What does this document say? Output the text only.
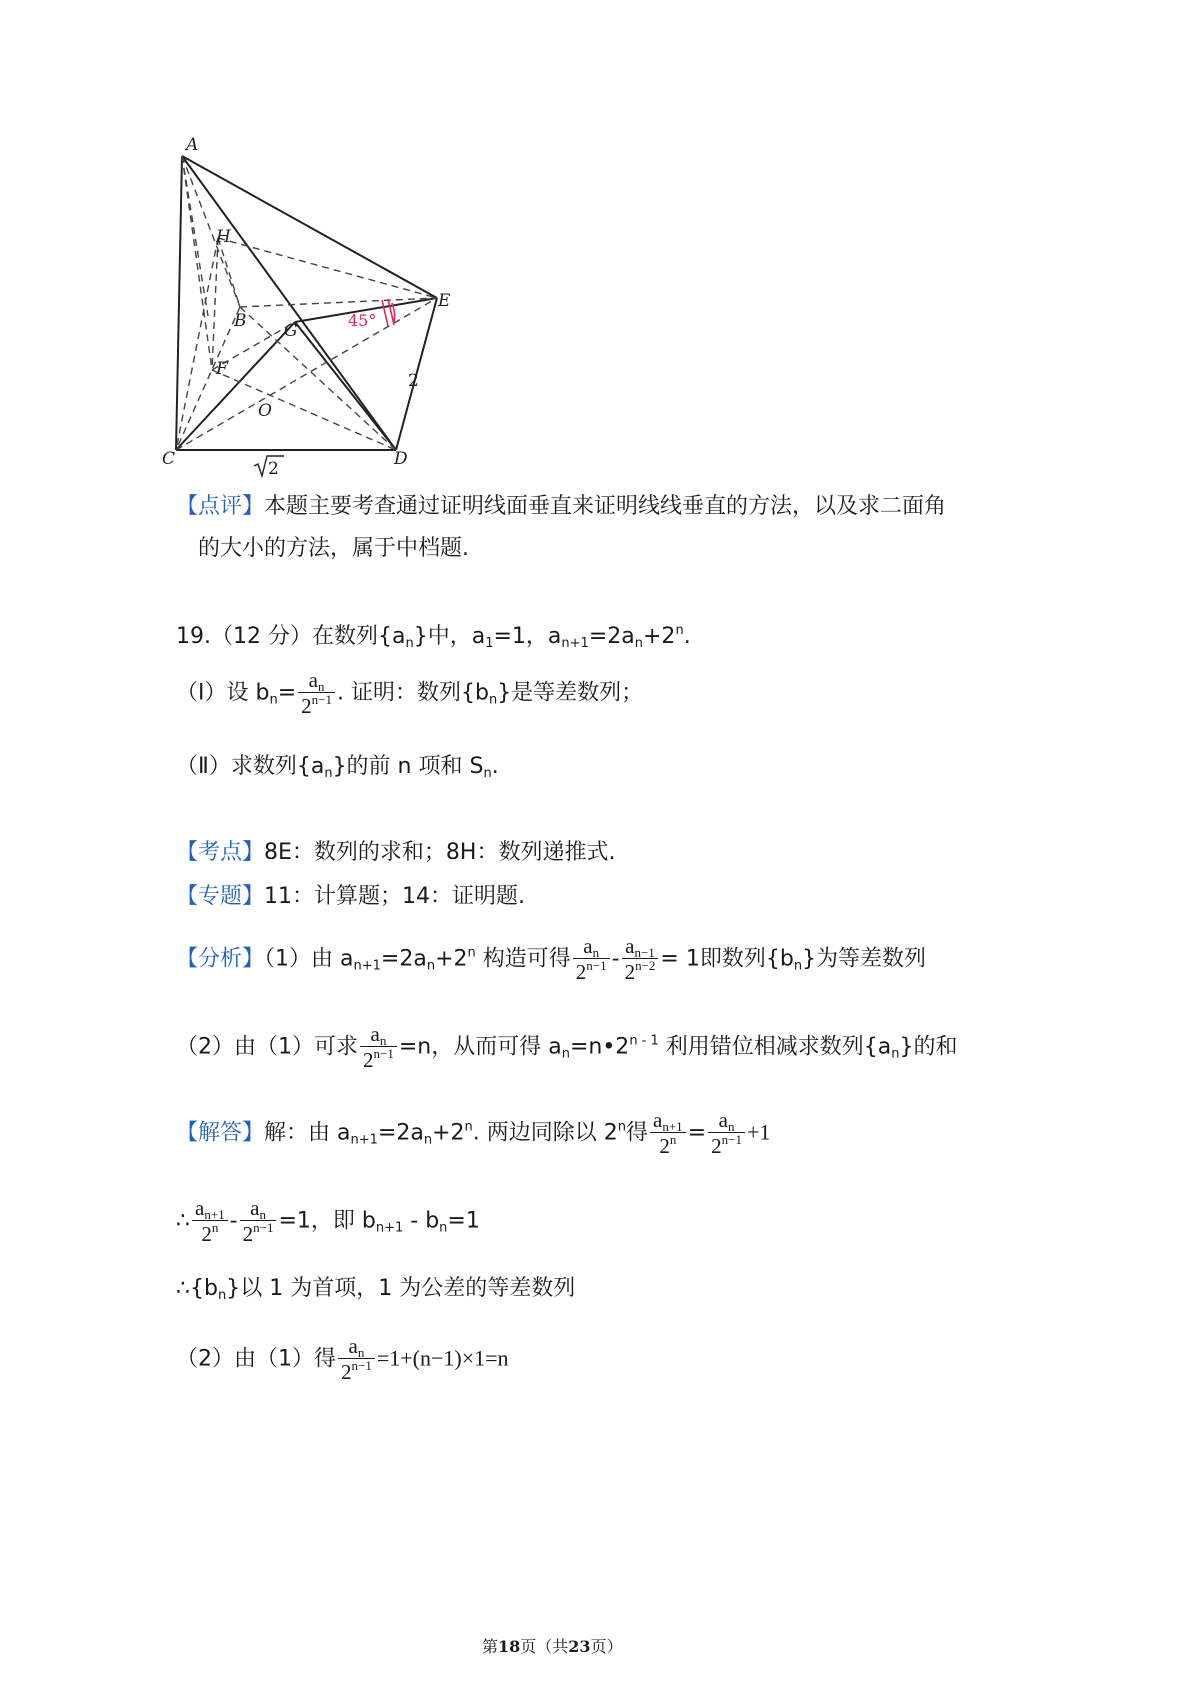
45°
A
H
B G
E
F
O
C	D
2
2
【点评】本题主要考查通过证明线面垂直来证明线线垂直的方法，以及求二面角
的大小的方法，属于中档题.
19.（12 分）在数列$\{a_n\}$中，$a_1=1$，$a_{n+1}=2a_n+2^n$.
（Ⅰ）设 $b_n= \frac{a_n}{2^{n-1}}$ . 证明：数列$\{b_n\}$是等差数列；
（Ⅱ）求数列$\{a_n\}$的前 n 项和 $S_n$.
【考点】8E：数列的求和；8H：数列递推式.
【专题】11：计算题；14：证明题.
【分析】（1）由 $a_{n+1}=2a_n+2^n$ 构造可得 $\frac{a_n}{2^{n-1}} - \frac{a_{n-1}}{2^{n-2}} = 1$即数列$\{b_n\}$为等差数列
（2）由（1）可求 $\frac{a_n}{2^{n-1}} =n$，从而可得 $a_n=n•2^{n - 1}$ 利用错位相减求数列$\{a_n\}$的和
【解答】解：由 $a_{n+1}=2a_n+2^n$. 两边同除以 2$^n$得 $\frac{a_{n+1}}{2^n} = \frac{a_n}{2^{n-1}} +1$
∴ $\frac{a_{n+1}}{2^n} - \frac{a_n}{2^{n-1}} =1$，即 $b_{n+1} - b_n=1$
$\therefore\{b_n\}$以 1 为首项，1 为公差的等差数列
（2）由（1）得 $\frac{a_n}{2^{n-1}} =1+(n-1)\times 1=n$
第18页（共23页）
